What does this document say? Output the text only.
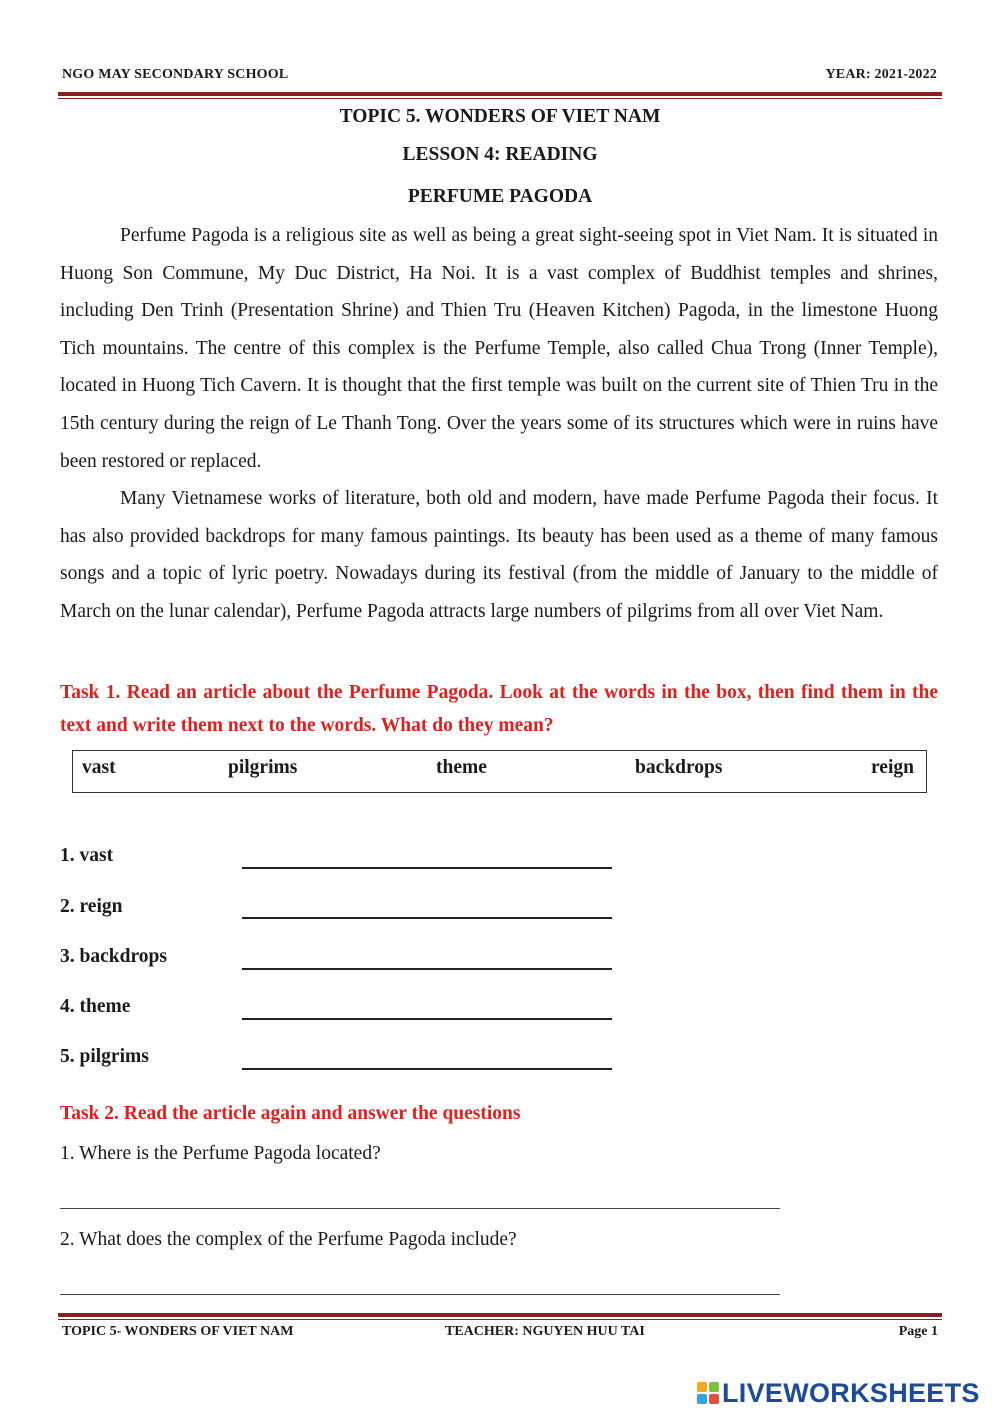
NGO MAY SECONDARY SCHOOL	YEAR: 2021-2022
TOPIC 5. WONDERS OF VIET NAM
LESSON 4: READING
PERFUME PAGODA

Perfume Pagoda is a religious site as well as being a great sight-seeing spot in Viet Nam. It is situated in Huong Son Commune, My Duc District, Ha Noi. It is a vast complex of Buddhist temples and shrines, including Den Trinh (Presentation Shrine) and Thien Tru (Heaven Kitchen) Pagoda, in the limestone Huong Tich mountains. The centre of this complex is the Perfume Temple, also called Chua Trong (Inner Temple), located in Huong Tich Cavern. It is thought that the first temple was built on the current site of Thien Tru in the 15th century during the reign of Le Thanh Tong. Over the years some of its structures which were in ruins have been restored or replaced.

Many Vietnamese works of literature, both old and modern, have made Perfume Pagoda their focus. It has also provided backdrops for many famous paintings. Its beauty has been used as a theme of many famous songs and a topic of lyric poetry. Nowadays during its festival (from the middle of January to the middle of March on the lunar calendar), Perfume Pagoda attracts large numbers of pilgrims from all over Viet Nam.

Task 1. Read an article about the Perfume Pagoda. Look at the words in the box, then find them in the text and write them next to the words. What do they mean?
vast	pilgrims	theme	backdrops	reign
1. vast
2. reign
3. backdrops
4. theme
5. pilgrims
Task 2. Read the article again and answer the questions
1. Where is the Perfume Pagoda located?
2. What does the complex of the Perfume Pagoda include?
TOPIC 5- WONDERS OF VIET NAM	TEACHER: NGUYEN HUU TAI	Page 1
LIVEWORKSHEETS
